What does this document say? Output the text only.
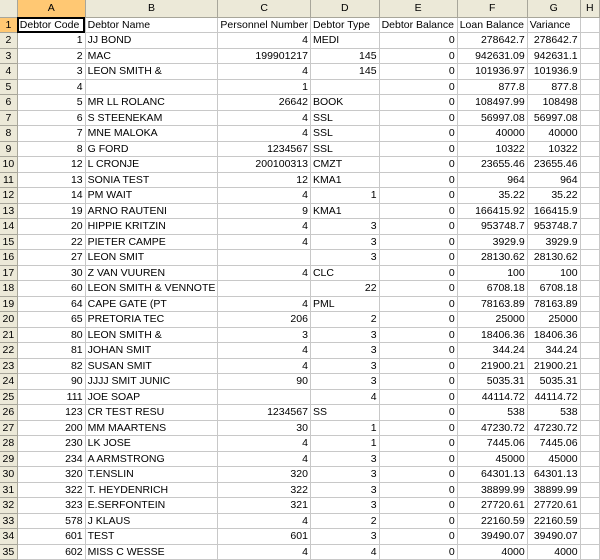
	A	B	C	D	E	F	G	H
1	Debtor Code	Debtor Name	Personnel Number	Debtor Type	Debtor Balance	Loan Balance	Variance	
2	1	JJ BOND	4	MEDI	0	278642.7	278642.7	
3	2	MAC	199901217	145	0	942631.09	942631.1	
4	3	LEON SMITH &	4	145	0	101936.97	101936.9	
5	4		1		0	877.8	877.8	
6	5	MR LL ROLANC	26642	BOOK	0	108497.99	108498	
7	6	S STEENEKAM	4	SSL	0	56997.08	56997.08	
8	7	MNE MALOKA	4	SSL	0	40000	40000	
9	8	G FORD	1234567	SSL	0	10322	10322	
10	12	L CRONJE	200100313	CMZT	0	23655.46	23655.46	
11	13	SONIA TEST	12	KMA1	0	964	964	
12	14	PM WAIT	4	1	0	35.22	35.22	
13	19	ARNO RAUTENI	9	KMA1	0	166415.92	166415.9	
14	20	HIPPIE KRITZIN	4	3	0	953748.7	953748.7	
15	22	PIETER CAMPE	4	3	0	3929.9	3929.9	
16	27	LEON SMIT		3	0	28130.62	28130.62	
17	30	Z VAN VUUREN	4	CLC	0	100	100	
18	60	LEON SMITH & VENNOTE		22	0	6708.18	6708.18	
19	64	CAPE GATE (PT	4	PML	0	78163.89	78163.89	
20	65	PRETORIA TEC	206	2	0	25000	25000	
21	80	LEON SMITH &	3	3	0	18406.36	18406.36	
22	81	JOHAN SMIT	4	3	0	344.24	344.24	
23	82	SUSAN SMIT	4	3	0	21900.21	21900.21	
24	90	JJJJ SMIT JUNIC	90	3	0	5035.31	5035.31	
25	111	JOE SOAP		4	0	44114.72	44114.72	
26	123	CR TEST RESU	1234567	SS	0	538	538	
27	200	MM MAARTENS	30	1	0	47230.72	47230.72	
28	230	LK JOSE	4	1	0	7445.06	7445.06	
29	234	A ARMSTRONG	4	3	0	45000	45000	
30	320	T.ENSLIN	320	3	0	64301.13	64301.13	
31	322	T. HEYDENRICH	322	3	0	38899.99	38899.99	
32	323	E.SERFONTEIN	321	3	0	27720.61	27720.61	
33	578	J KLAUS	4	2	0	22160.59	22160.59	
34	601	TEST	601	3	0	39490.07	39490.07	
35	602	MISS C WESSE	4	4	0	4000	4000	
